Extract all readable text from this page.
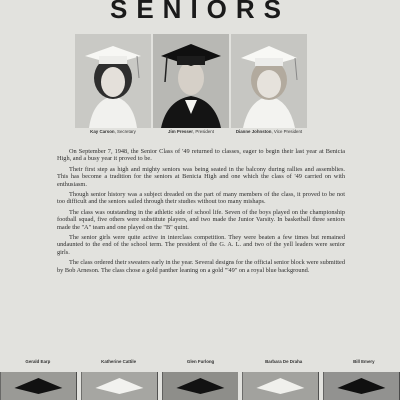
SENIORS
Kay Carson, Secretary	Jim Presser, President	Dianne Johnston, Vice President

On September 7, 1948, the Senior Class of '49 returned to classes, eager to begin their last year at Benicia High, and a busy year it proved to be.

Their first step as high and mighty seniors was being seated in the balcony during rallies and assemblies. This has become a tradition for the seniors at Benicia High and one which the class of '49 carried on with enthusiasm.

Though senior history was a subject dreaded on the part of many members of the class, it proved to be not too difficult and the seniors sailed through their studies without too many mishaps.

The class was outstanding in the athletic side of school life. Seven of the boys played on the championship football squad, five others were substitute players, and two made the Junior Varsity. In basketball three seniors made the "A" team and one played on the "B" quint.

The senior girls were quite active in interclass competition. They were beaten a few times but remained undaunted to the end of the school term. The president of the G. A. L. and two of the yell leaders were senior girls.

The class ordered their sweaters early in the year. Several designs for the official senior block were submitted by Bob Arneson. The class chose a gold panther leaning on a gold "'49" on a royal blue background.

Gerald Earp	Katherine Cattile	Glen Furlong	Barbara De Draha	Bill Emery
